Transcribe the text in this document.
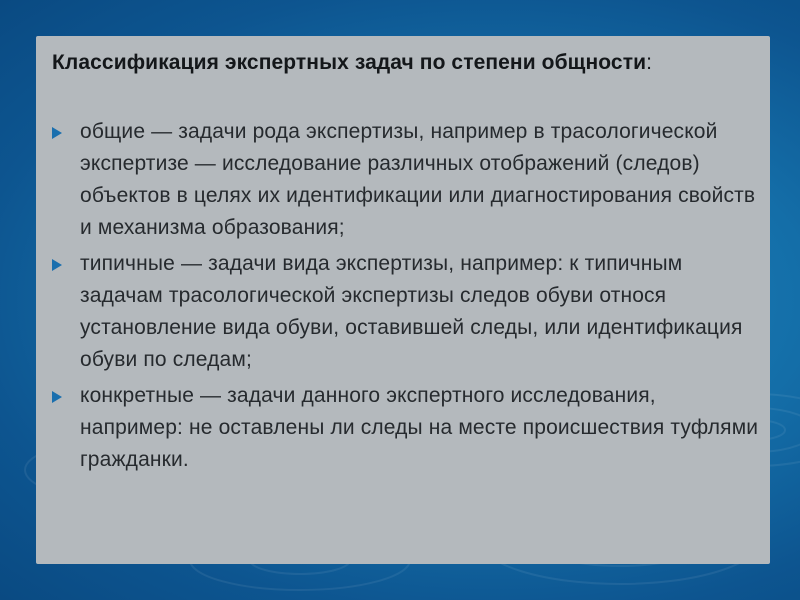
Классификация экспертных задач по степени общности:
общие — задачи рода экспертизы, например в трасологической экспертизе — исследование различных отображений (следов) объектов в целях их идентификации или диагностирования свойств и механизма образования;
типичные — задачи вида экспертизы, например: к типичным задачам трасологической экспертизы следов обуви относя установление вида обуви, оставившей следы, или идентификация обуви по следам;
конкретные — задачи данного экспертного исследования, например: не оставлены ли следы на месте происшествия туфлями гражданки.
